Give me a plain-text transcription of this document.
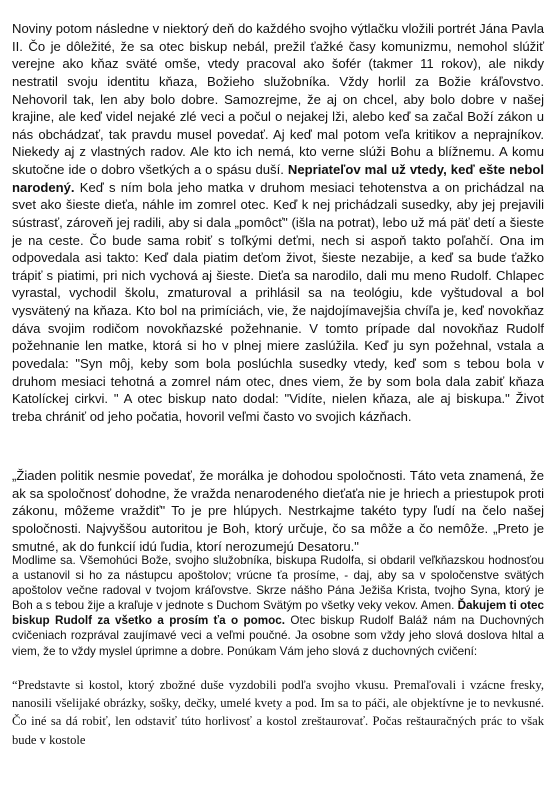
Noviny potom následne v niektorý deň do každého svojho výtlačku vložili portrét Jána Pavla II. Čo je dôležité, že sa otec biskup nebál, prežil ťažké časy komunizmu, nemohol slúžiť verejne ako kňaz sväté omše, vtedy pracoval ako šofér (takmer 11 rokov), ale nikdy nestratil svoju identitu kňaza, Božieho služobníka. Vždy horlil za Božie kráľovstvo. Nehovoril tak, len aby bolo dobre. Samozrejme, že aj on chcel, aby bolo dobre v našej krajine, ale keď videl nejaké zlé veci a počul o nejakej lži, alebo keď sa začal Boží zákon u nás obchádzať, tak pravdu musel povedať. Aj keď mal potom veľa kritikov a neprajníkov. Niekedy aj z vlastných radov. Ale kto ich nemá, kto verne slúži Bohu a blížnemu. A komu skutočne ide o dobro všetkých a o spásu duší. Nepriateľov mal už vtedy, keď ešte nebol narodený. Keď s ním bola jeho matka v druhom mesiaci tehotenstva a on prichádzal na svet ako šieste dieťa, náhle im zomrel otec. Keď k nej prichádzali susedky, aby jej prejavili sústrasť, zároveň jej radili, aby si dala „pomôcť" (išla na potrat), lebo už má päť detí a šieste je na ceste. Čo bude sama robiť s toľkými deťmi, nech si aspoň takto poľahčí. Ona im odpovedala asi takto: Keď dala piatim deťom život, šieste nezabije, a keď sa bude ťažko trápiť s piatimi, pri nich vychová aj šieste. Dieťa sa narodilo, dali mu meno Rudolf. Chlapec vyrastal, vychodil školu, zmaturoval a prihlásil sa na teológiu, kde vyštudoval a bol vysvätený na kňaza. Kto bol na primíciách, vie, že najdojímavejšia chvíľa je, keď novokňaz dáva svojim rodičom novokňazské požehnanie. V tomto prípade dal novokňaz Rudolf požehnanie len matke, ktorá si ho v plnej miere zaslúžila. Keď ju syn požehnal, vstala a povedala: "Syn môj, keby som bola poslúchla susedky vtedy, keď som s tebou bola v druhom mesiaci tehotná a zomrel nám otec, dnes viem, že by som bola dala zabiť kňaza Katolíckej cirkvi. " A otec biskup nato dodal: "Vidíte, nielen kňaza, ale aj biskupa." Život treba chrániť od jeho počatia, hovoril veľmi často vo svojich kázňach.

„Žiaden politik nesmie povedať, že morálka je dohodou spoločnosti. Táto veta znamená, že ak sa spoločnosť dohodne, že vražda nenarodeného dieťaťa nie je hriech a priestupok proti zákonu, môžeme vraždiť" To je pre hlúpych. Nestrkajme takéto typy ľudí na čelo našej spoločnosti. Najvyššou autoritou je Boh, ktorý určuje, čo sa môže a čo nemôže. „Preto je smutné, ak do funkcií idú ľudia, ktorí nerozumejú Desatoru."

Modlime sa. Všemohúci Bože, svojho služobníka, biskupa Rudolfa, si obdaril veľkňazskou hodnosťou a ustanovil si ho za nástupcu apoštolov; vrúcne ťa prosíme, - daj, aby sa v spoločenstve svätých apoštolov večne radoval v tvojom kráľovstve. Skrze nášho Pána Ježiša Krista, tvojho Syna, ktorý je Boh a s tebou žije a kraľuje v jednote s Duchom Svätým po všetky veky vekov. Amen. Ďakujem ti otec biskup Rudolf za všetko a prosím ťa o pomoc. Otec biskup Rudolf Baláž nám na Duchovných cvičeniach rozprával zaujímavé veci a veľmi poučné. Ja osobne som vždy jeho slová doslova hltal a viem, že to vždy myslel úprimne a dobre. Ponúkam Vám jeho slová z duchovných cvičení:

“Predstavte si kostol, ktorý zbožné duše vyzdobili podľa svojho vkusu. Premaľovali i vzácne fresky, nanosili všelijaké obrázky, sošky, dečky, umelé kvety a pod. Im sa to páči, ale objektívne je to nevkusné. Čo iné sa dá robiť, len odstaviť túto horlivosť a kostol zreštaurovať. Počas reštauračných prác to však bude v kostole
